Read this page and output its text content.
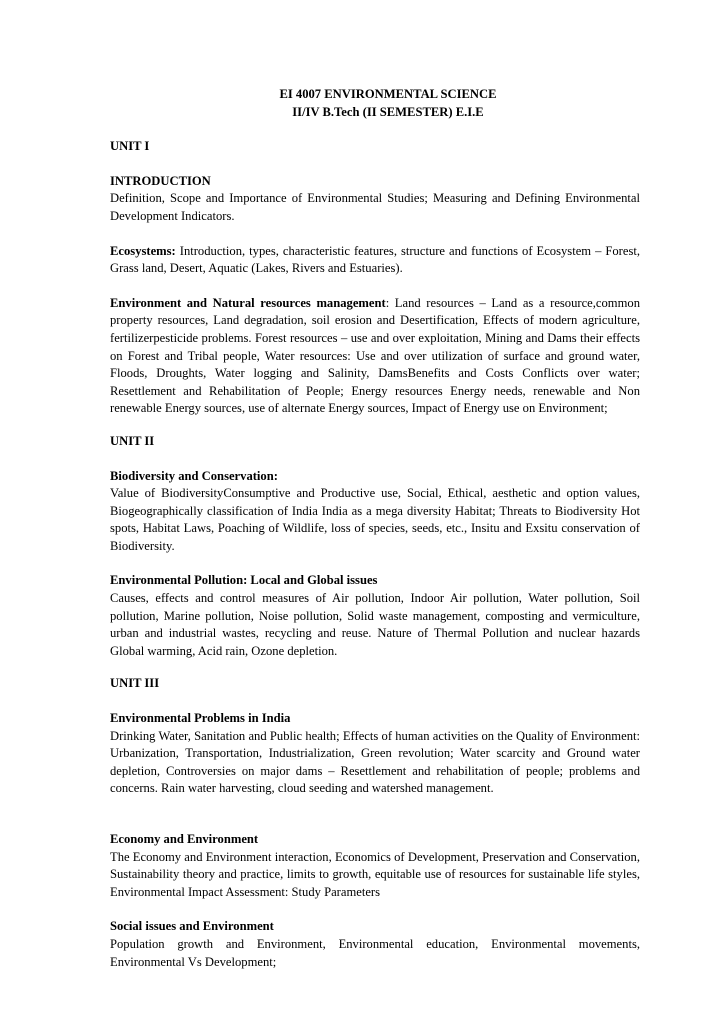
EI 4007 ENVIRONMENTAL SCIENCE
II/IV B.Tech (II SEMESTER) E.I.E
UNIT I
INTRODUCTION

Definition, Scope and Importance of Environmental Studies; Measuring and Defining Environmental Development Indicators.

Ecosystems: Introduction, types, characteristic features, structure and functions of Ecosystem – Forest, Grass land, Desert, Aquatic (Lakes, Rivers and Estuaries).

Environment and Natural resources management: Land resources – Land as a resource,common property resources, Land degradation, soil erosion and Desertification, Effects of modern agriculture, fertilizerpesticide problems. Forest resources – use and over exploitation, Mining and Dams their effects on Forest and Tribal people, Water resources: Use and over utilization of surface and ground water, Floods, Droughts, Water logging and Salinity, DamsBenefits and Costs Conflicts over water; Resettlement and Rehabilitation of People; Energy resources Energy needs, renewable and Non renewable Energy sources, use of alternate Energy sources, Impact of Energy use on Environment;

UNIT II
Biodiversity and Conservation:

Value of BiodiversityConsumptive and Productive use, Social, Ethical, aesthetic and option values, Biogeographically classification of India India as a mega diversity Habitat; Threats to Biodiversity Hot spots, Habitat Laws, Poaching of Wildlife, loss of species, seeds, etc., Insitu and Exsitu conservation of Biodiversity.

Environmental Pollution: Local and Global issues

Causes, effects and control measures of Air pollution, Indoor Air pollution, Water pollution, Soil pollution, Marine pollution, Noise pollution, Solid waste management, composting and vermiculture, urban and industrial wastes, recycling and reuse. Nature of Thermal Pollution and nuclear hazards Global warming, Acid rain, Ozone depletion.

UNIT III
Environmental Problems in India

Drinking Water, Sanitation and Public health; Effects of human activities on the Quality of Environment: Urbanization, Transportation, Industrialization, Green revolution; Water scarcity and Ground water depletion, Controversies on major dams – Resettlement and rehabilitation of people; problems and concerns. Rain water harvesting, cloud seeding and watershed management.

Economy and Environment

The Economy and Environment interaction, Economics of Development, Preservation and Conservation, Sustainability theory and practice, limits to growth, equitable use of resources for sustainable life styles, Environmental Impact Assessment: Study Parameters

Social issues and Environment

Population growth and Environment, Environmental education, Environmental movements, Environmental Vs Development;
